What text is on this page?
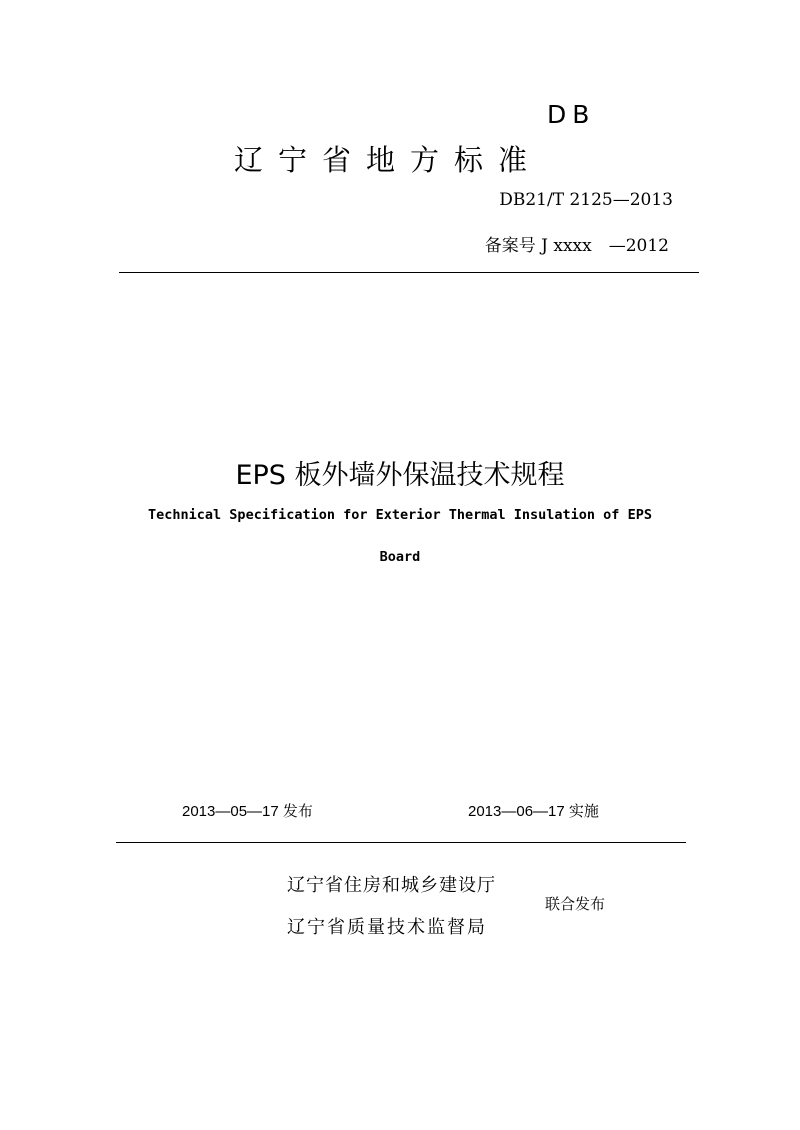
DB
辽宁省地方标准
DB21/T 2125—2013
备案号 J xxxx　—2012
EPS 板外墙外保温技术规程
Technical Specification for Exterior Thermal Insulation of EPS
Board
2013—05—17 发布	2013—06—17 实施
辽宁省住房和城乡建设厅
辽宁省质量技术监督局
联合发布
